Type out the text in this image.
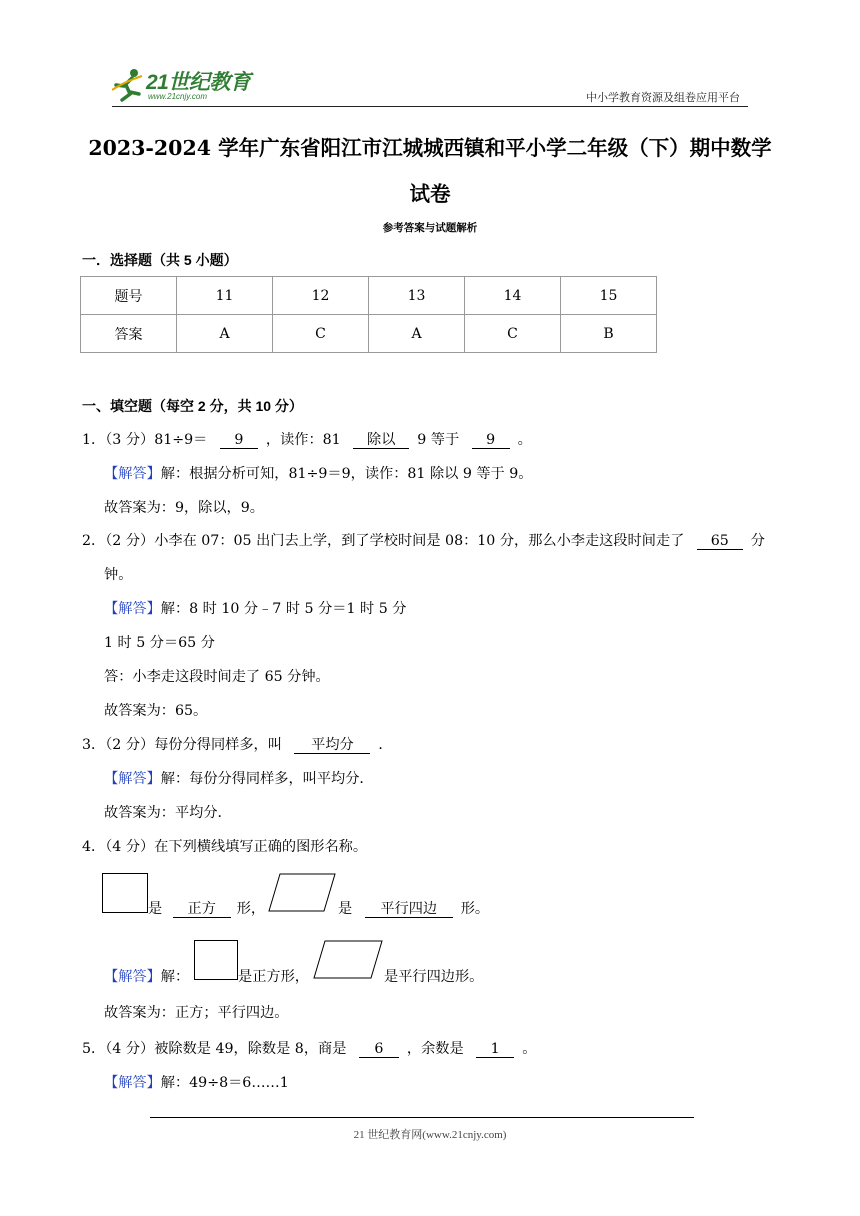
21世纪教育
www.21cnjy.com	中小学教育资源及组卷应用平台
2023-2024 学年广东省阳江市江城城西镇和平小学二年级（下）期中数学
试卷
参考答案与试题解析
一．选择题（共 5 小题）
题号	11	12	13	14	15
答案	A	C	A	C	B
一、填空题（每空 2 分，共 10 分）
1．（3 分）81÷9＝ 9 ，读作：81 除以 9 等于 9 。
【解答】解：根据分析可知，81÷9＝9，读作：81 除以 9 等于 9。
故答案为：9，除以，9。
2．（2 分）小李在 07：05 出门去上学，到了学校时间是 08：10 分，那么小李走这段时间走了 65 分
钟。
【解答】解：8 时 10 分﹣7 时 5 分＝1 时 5 分
1 时 5 分＝65 分
答：小李走这段时间走了 65 分钟。
故答案为：65。
3．（2 分）每份分得同样多，叫 平均分 ．
【解答】解：每份分得同样多，叫平均分．
故答案为：平均分．
4．（4 分）在下列横线填写正确的图形名称。
是 正方 形，	是 平行四边 形。
【解答】解：	是正方形，	是平行四边形。
故答案为：正方；平行四边。
5．（4 分）被除数是 49，除数是 8，商是 6 ，余数是 1 。
【解答】解：49÷8＝6……1
21 世纪教育网(www.21cnjy.com)
